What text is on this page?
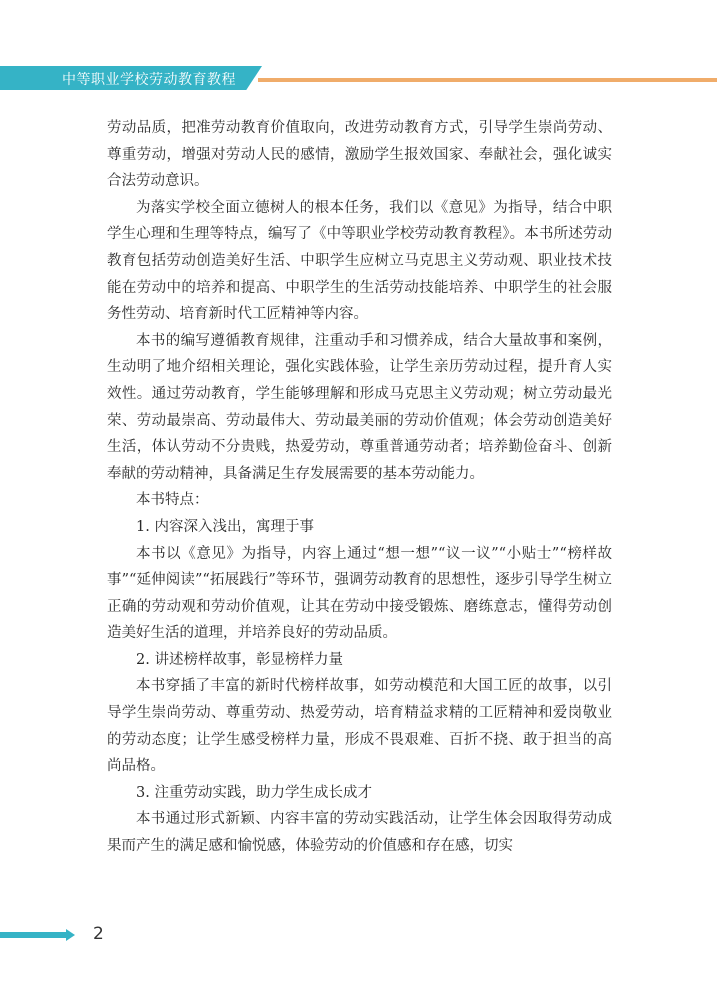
中等职业学校劳动教育教程

劳动品质，把准劳动教育价值取向，改进劳动教育方式，引导学生崇尚劳动、尊重劳动，增强对劳动人民的感情，激励学生报效国家、奉献社会，强化诚实合法劳动意识。

为落实学校全面立德树人的根本任务，我们以《意见》为指导，结合中职学生心理和生理等特点，编写了《中等职业学校劳动教育教程》。本书所述劳动教育包括劳动创造美好生活、中职学生应树立马克思主义劳动观、职业技术技能在劳动中的培养和提高、中职学生的生活劳动技能培养、中职学生的社会服务性劳动、培育新时代工匠精神等内容。

本书的编写遵循教育规律，注重动手和习惯养成，结合大量故事和案例，生动明了地介绍相关理论，强化实践体验，让学生亲历劳动过程，提升育人实效性。通过劳动教育，学生能够理解和形成马克思主义劳动观；树立劳动最光荣、劳动最崇高、劳动最伟大、劳动最美丽的劳动价值观；体会劳动创造美好生活，体认劳动不分贵贱，热爱劳动，尊重普通劳动者；培养勤俭奋斗、创新奉献的劳动精神，具备满足生存发展需要的基本劳动能力。

本书特点：

1. 内容深入浅出，寓理于事

本书以《意见》为指导，内容上通过“想一想”“议一议”“小贴士”“榜样故事”“延伸阅读”“拓展践行”等环节，强调劳动教育的思想性，逐步引导学生树立正确的劳动观和劳动价值观，让其在劳动中接受锻炼、磨练意志，懂得劳动创造美好生活的道理，并培养良好的劳动品质。

2. 讲述榜样故事，彰显榜样力量

本书穿插了丰富的新时代榜样故事，如劳动模范和大国工匠的故事，以引导学生崇尚劳动、尊重劳动、热爱劳动，培育精益求精的工匠精神和爱岗敬业的劳动态度；让学生感受榜样力量，形成不畏艰难、百折不挠、敢于担当的高尚品格。

3. 注重劳动实践，助力学生成长成才

本书通过形式新颖、内容丰富的劳动实践活动，让学生体会因取得劳动成果而产生的满足感和愉悦感，体验劳动的价值感和存在感，切实

2
